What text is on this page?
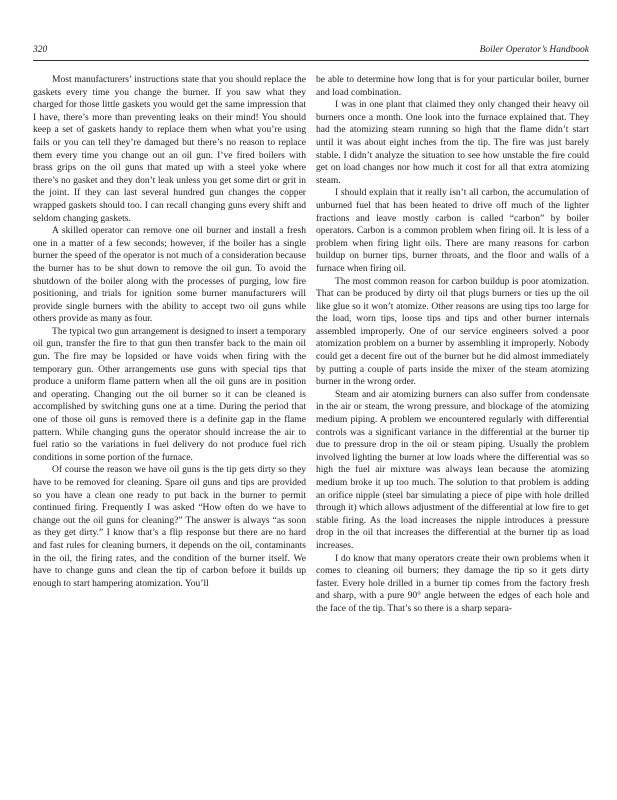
320	Boiler Operator’s Handbook

Most manufacturers’ instructions state that you should replace the gaskets every time you change the burner. If you saw what they charged for those little gaskets you would get the same impression that I have, there’s more than preventing leaks on their mind! You should keep a set of gaskets handy to replace them when what you’re using fails or you can tell they’re damaged but there’s no reason to replace them every time you change out an oil gun. I’ve fired boilers with brass grips on the oil guns that mated up with a steel yoke where there’s no gasket and they don’t leak unless you get some dirt or grit in the joint. If they can last several hundred gun changes the copper wrapped gaskets should too. I can recall changing guns every shift and seldom changing gaskets.

A skilled operator can remove one oil burner and install a fresh one in a matter of a few seconds; however, if the boiler has a single burner the speed of the operator is not much of a consideration because the burner has to be shut down to remove the oil gun. To avoid the shutdown of the boiler along with the processes of purging, low fire positioning, and trials for ignition some burner manufacturers will provide single burners with the ability to accept two oil guns while others provide as many as four.

The typical two gun arrangement is designed to insert a temporary oil gun, transfer the fire to that gun then transfer back to the main oil gun. The fire may be lopsided or have voids when firing with the temporary gun. Other arrangements use guns with special tips that produce a uniform flame pattern when all the oil guns are in position and operating. Changing out the oil burner so it can be cleaned is accomplished by switching guns one at a time. During the period that one of those oil guns is removed there is a definite gap in the flame pattern. While changing guns the operator should increase the air to fuel ratio so the variations in fuel delivery do not produce fuel rich conditions in some portion of the furnace.

Of course the reason we have oil guns is the tip gets dirty so they have to be removed for cleaning. Spare oil guns and tips are provided so you have a clean one ready to put back in the burner to permit continued firing. Frequently I was asked “How often do we have to change out the oil guns for cleaning?” The answer is always “as soon as they get dirty.” I know that’s a flip response but there are no hard and fast rules for cleaning burners, it depends on the oil, contaminants in the oil, the firing rates, and the condition of the burner itself. We have to change guns and clean the tip of carbon before it builds up enough to start hampering atomization. You’ll

be able to determine how long that is for your particular boiler, burner and load combination.

I was in one plant that claimed they only changed their heavy oil burners once a month. One look into the furnace explained that. They had the atomizing steam running so high that the flame didn’t start until it was about eight inches from the tip. The fire was just barely stable. I didn’t analyze the situation to see how unstable the fire could get on load changes nor how much it cost for all that extra atomizing steam.

I should explain that it really isn’t all carbon, the accumulation of unburned fuel that has been heated to drive off much of the lighter fractions and leave mostly carbon is called “carbon” by boiler operators. Carbon is a common problem when firing oil. It is less of a problem when firing light oils. There are many reasons for carbon buildup on burner tips, burner throats, and the floor and walls of a furnace when firing oil.

The most common reason for carbon buildup is poor atomization. That can be produced by dirty oil that plugs burners or ties up the oil like glue so it won’t atomize. Other reasons are using tips too large for the load, worn tips, loose tips and tips and other burner internals assembled improperly. One of our service engineers solved a poor atomization problem on a burner by assembling it improperly. Nobody could get a decent fire out of the burner but he did almost immediately by putting a couple of parts inside the mixer of the steam atomizing burner in the wrong order.

Steam and air atomizing burners can also suffer from condensate in the air or steam, the wrong pressure, and blockage of the atomizing medium piping. A problem we encountered regularly with differential controls was a significant variance in the differential at the burner tip due to pressure drop in the oil or steam piping. Usually the problem involved lighting the burner at low loads where the differential was so high the fuel air mixture was always lean because the atomizing medium broke it up too much. The solution to that problem is adding an orifice nipple (steel bar simulating a piece of pipe with hole drilled through it) which allows adjustment of the differential at low fire to get stable firing. As the load increases the nipple introduces a pressure drop in the oil that increases the differential at the burner tip as load increases.

I do know that many operators create their own problems when it comes to cleaning oil burners; they damage the tip so it gets dirty faster. Every hole drilled in a burner tip comes from the factory fresh and sharp, with a pure 90° angle between the edges of each hole and the face of the tip. That’s so there is a sharp separa-
